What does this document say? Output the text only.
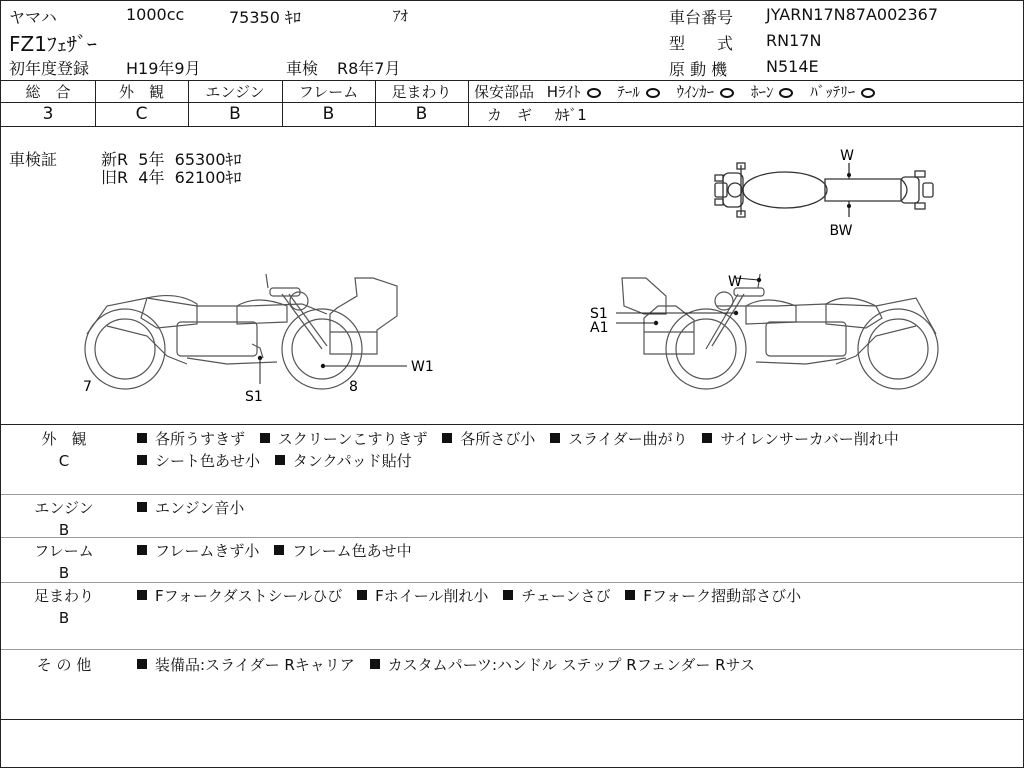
ヤマハ	1000cc	75350 ｷﾛ	ｱｵ
FZ1ﾌｪｻﾞｰ
初年度登録 H19年9月	車検 R8年7月
車台番号 JYARN17N87A002367
型　　式 RN17N
原 動 機 N514E
総　合	外　観	エンジン	フレーム	足まわり
3	C	B	B	B
保安部品 Hﾗｲﾄ ﾃｰﾙ ｳｲﾝｶｰ ﾎｰﾝ ﾊﾞｯﾃﾘｰ
カ　ギ ｶｷﾞ1
車検証	新R  5年  65300ｷﾛ
旧R  4年  62100ｷﾛ
W
BW
W1
7	8
S1
W
S1
A1
外　観
C
各所うすきず スクリーンこすりきず 各所さび小 スライダー曲がり サイレンサーカバー削れ中
シート色あせ小 タンクパッド貼付
エンジン
B
エンジン音小
フレーム
B
フレームきず小 フレーム色あせ中
足まわり
B
Fフォークダストシールひび Fホイール削れ小 チェーンさび Fフォーク摺動部さび小
そ の 他	装備品:スライダー Rキャリア カスタムパーツ:ハンドル ステップ Rフェンダー Rサス
